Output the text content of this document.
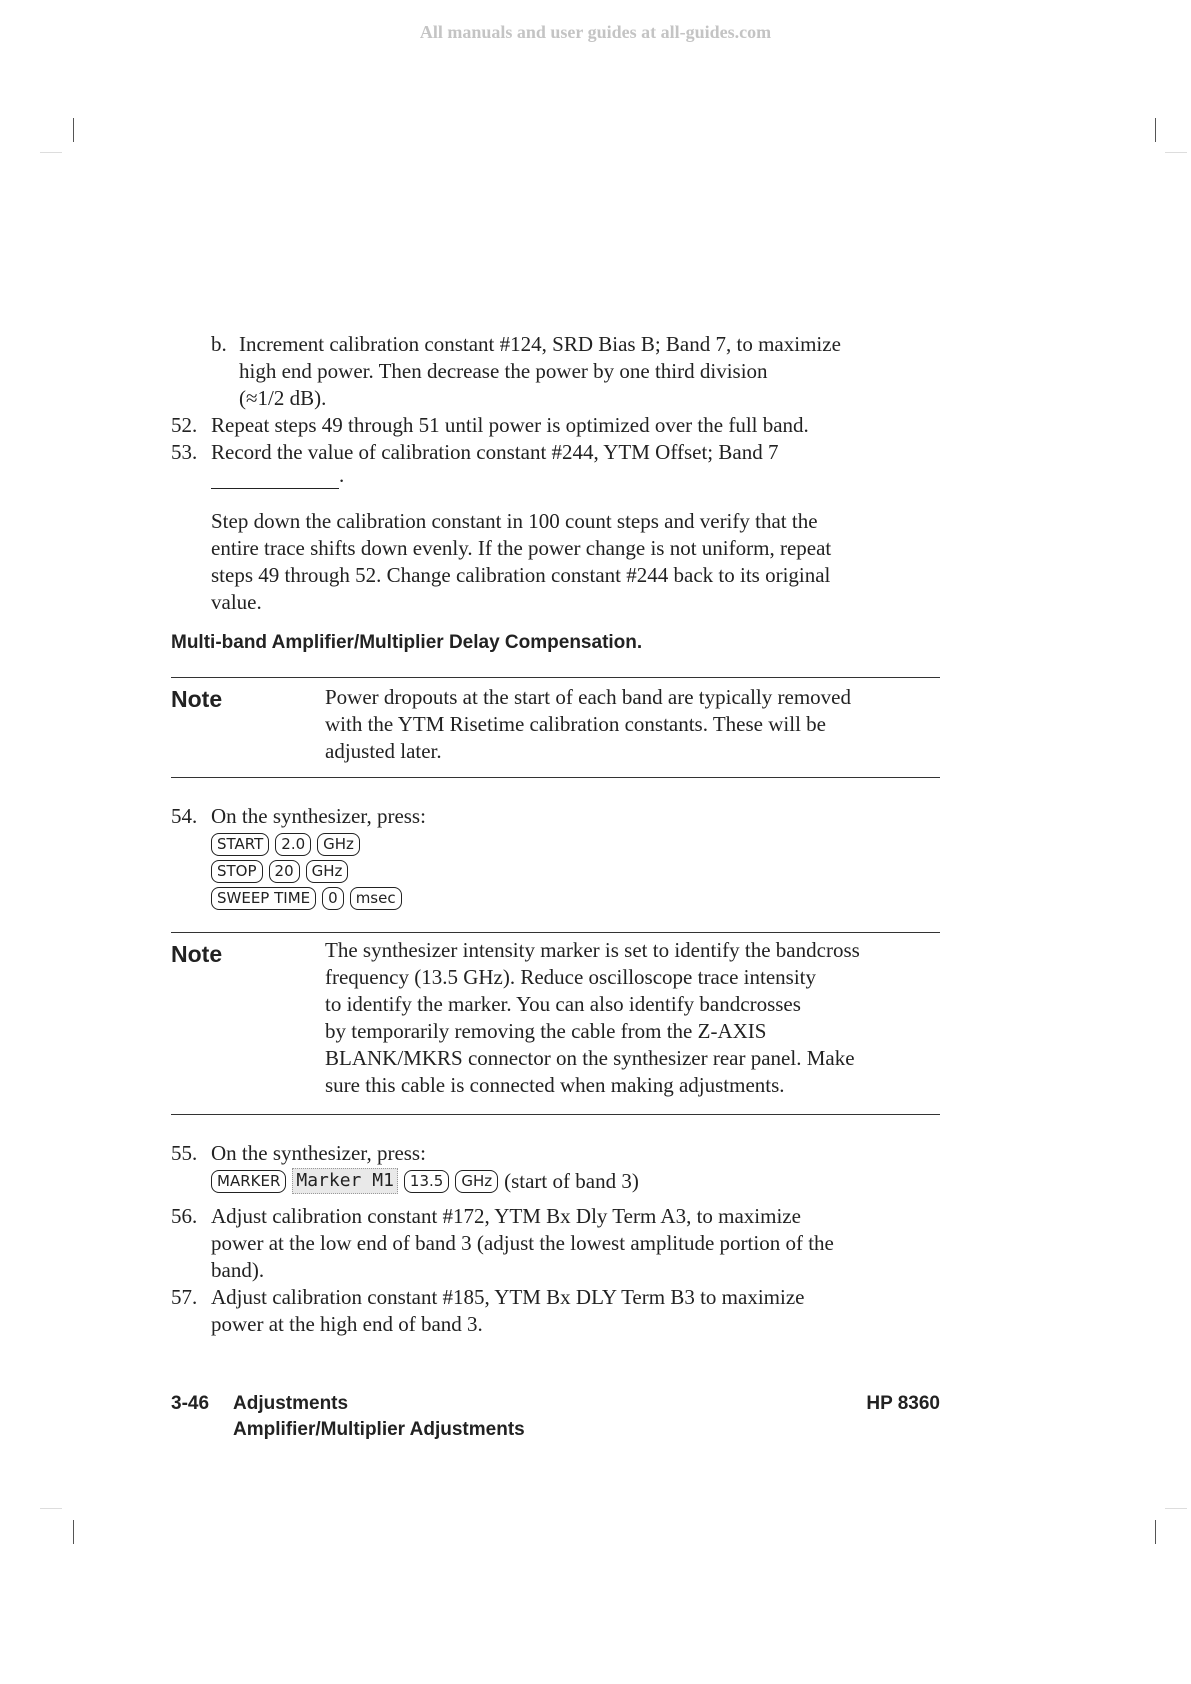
All manuals and user guides at all-guides.com
b. Increment calibration constant #124, SRD Bias B; Band 7, to maximize
high end power. Then decrease the power by one third division
(≈1/2 dB).
52. Repeat steps 49 through 51 until power is optimized over the full band.
53. Record the value of calibration constant #244, YTM Offset; Band 7
.
Step down the calibration constant in 100 count steps and verify that the
entire trace shifts down evenly. If the power change is not uniform, repeat
steps 49 through 52. Change calibration constant #244 back to its original
value.
Multi-band Amplifier/Multiplier Delay Compensation.
Note	Power dropouts at the start of each band are typically removed
with the YTM Risetime calibration constants. These will be
adjusted later.
54. On the synthesizer, press:
START	2.0	GHz
STOP	20	GHz
SWEEP TIME	0	msec
Note	The synthesizer intensity marker is set to identify the bandcross
frequency (13.5 GHz). Reduce oscilloscope trace intensity
to identify the marker. You can also identify bandcrosses
by temporarily removing the cable from the Z-AXIS
BLANK/MKRS connector on the synthesizer rear panel. Make
sure this cable is connected when making adjustments.
55. On the synthesizer, press:
MARKER Marker M1	13.5	GHz (start of band 3)
56. Adjust calibration constant #172, YTM Bx Dly Term A3, to maximize
power at the low end of band 3 (adjust the lowest amplitude portion of the
band).
57. Adjust calibration constant #185, YTM Bx DLY Term B3 to maximize
power at the high end of band 3.
3-46 Adjustments
Amplifier/Multiplier Adjustments
HP 8360
